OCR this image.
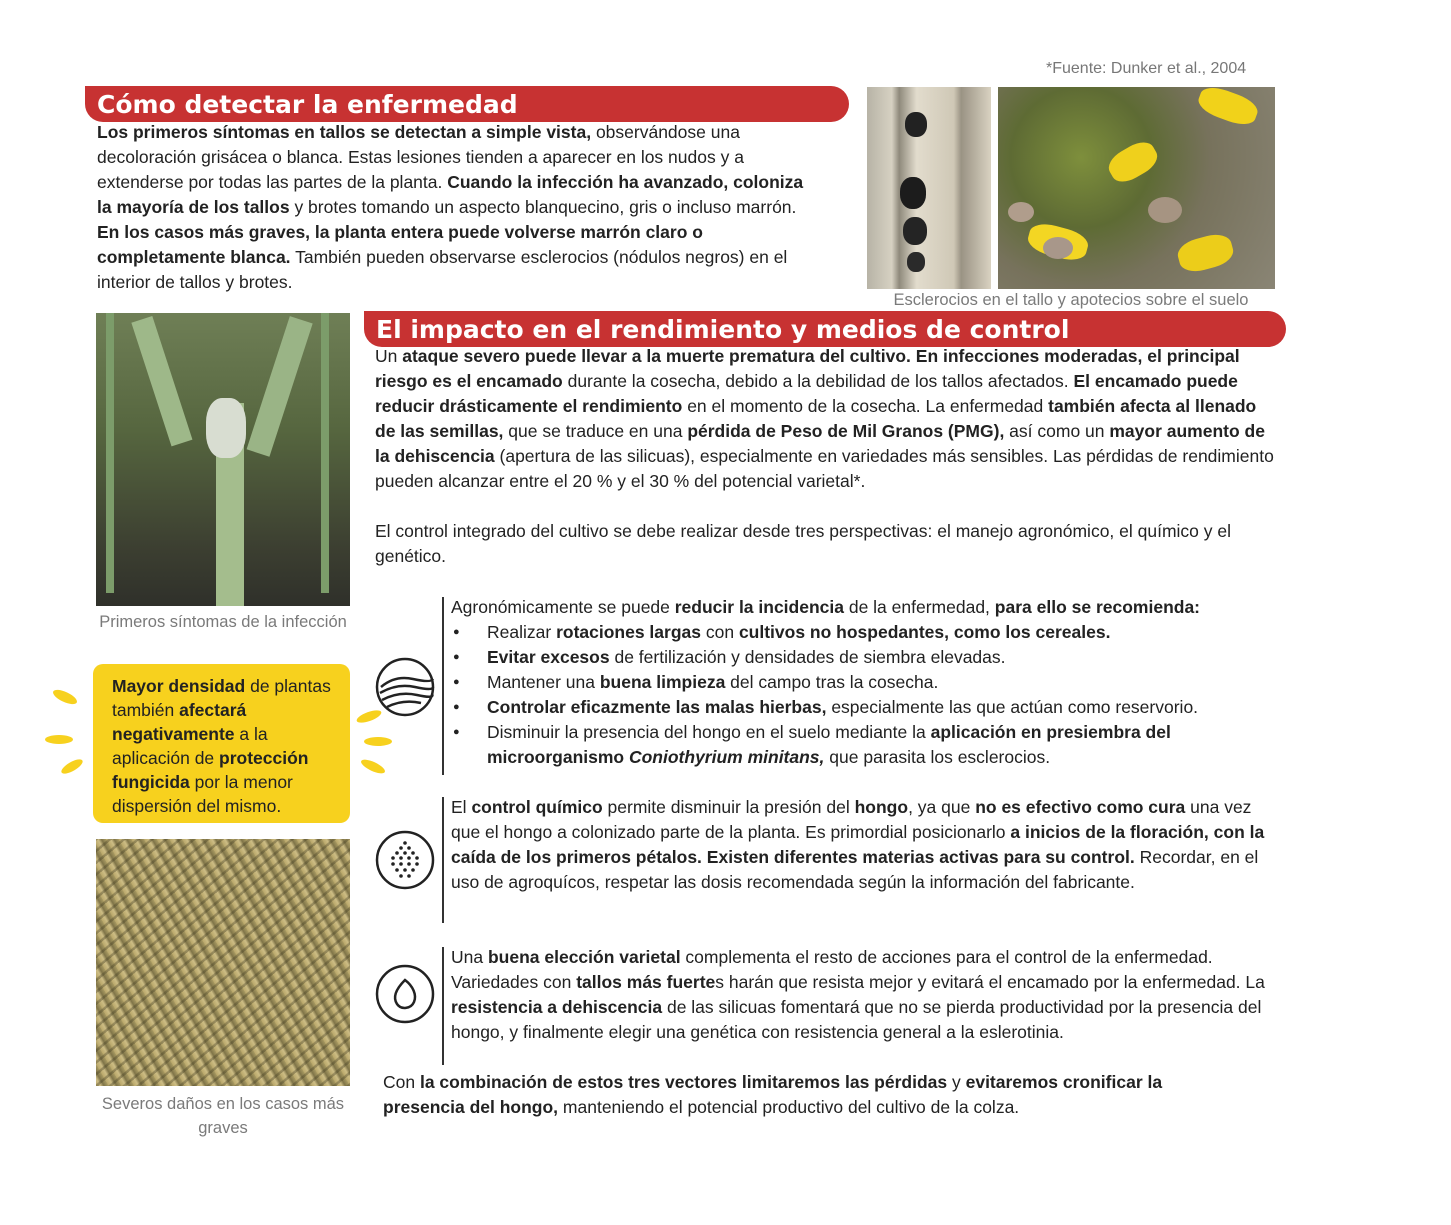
*Fuente: Dunker et al., 2004
Cómo detectar la enfermedad
Los primeros síntomas en tallos se detectan a simple vista, observándose una decoloración grisácea o blanca. Estas lesiones tienden a aparecer en los nudos y a extenderse por todas las partes de la planta. Cuando la infección ha avanzado, coloniza la mayoría de los tallos y brotes tomando un aspecto blanquecino, gris o incluso marrón. En los casos más graves, la planta entera puede volverse marrón claro o completamente blanca. También pueden observarse esclerocios (nódulos negros) en el interior de tallos y brotes.
Esclerocios en el tallo y apotecios sobre el suelo
Primeros síntomas de la infección
Mayor densidad de plantas también afectará negativamente a la aplicación de protección fungicida por la menor dispersión del mismo.
Severos daños en los casos más graves
El impacto en el rendimiento y medios de control
Un ataque severo puede llevar a la muerte prematura del cultivo. En infecciones moderadas, el principal riesgo es el encamado durante la cosecha, debido a la debilidad de los tallos afectados. El encamado puede reducir drásticamente el rendimiento en el momento de la cosecha. La enfermedad también afecta al llenado de las semillas, que se traduce en una pérdida de Peso de Mil Granos (PMG), así como un mayor aumento de la dehiscencia (apertura de las silicuas), especialmente en variedades más sensibles. Las pérdidas de rendimiento pueden alcanzar entre el 20 % y el 30 % del potencial varietal*.
El control integrado del cultivo se debe realizar desde tres perspectivas: el manejo agronómico, el químico y el genético.
Agronómicamente se puede reducir la incidencia de la enfermedad, para ello se recomienda:
● Realizar rotaciones largas con cultivos no hospedantes, como los cereales.
● Evitar excesos de fertilización y densidades de siembra elevadas.
● Mantener una buena limpieza del campo tras la cosecha.
● Controlar eficazmente las malas hierbas, especialmente las que actúan como reservorio.
● Disminuir la presencia del hongo en el suelo mediante la aplicación en presiembra del microorganismo Coniothyrium minitans, que parasita los esclerocios.
El control químico permite disminuir la presión del hongo, ya que no es efectivo como cura una vez que el hongo a colonizado parte de la planta. Es primordial posicionarlo a inicios de la floración, con la caída de los primeros pétalos. Existen diferentes materias activas para su control. Recordar, en el uso de agroquícos, respetar las dosis recomendada según la información del fabricante.
Una buena elección varietal complementa el resto de acciones para el control de la enfermedad. Variedades con tallos más fuertes harán que resista mejor y evitará el encamado por la enfermedad. La resistencia a dehiscencia de las silicuas fomentará que no se pierda productividad por la presencia del hongo, y finalmente elegir una genética con resistencia general a la eslerotinia.
Con la combinación de estos tres vectores limitaremos las pérdidas y evitaremos cronificar la presencia del hongo, manteniendo el potencial productivo del cultivo de la colza.
